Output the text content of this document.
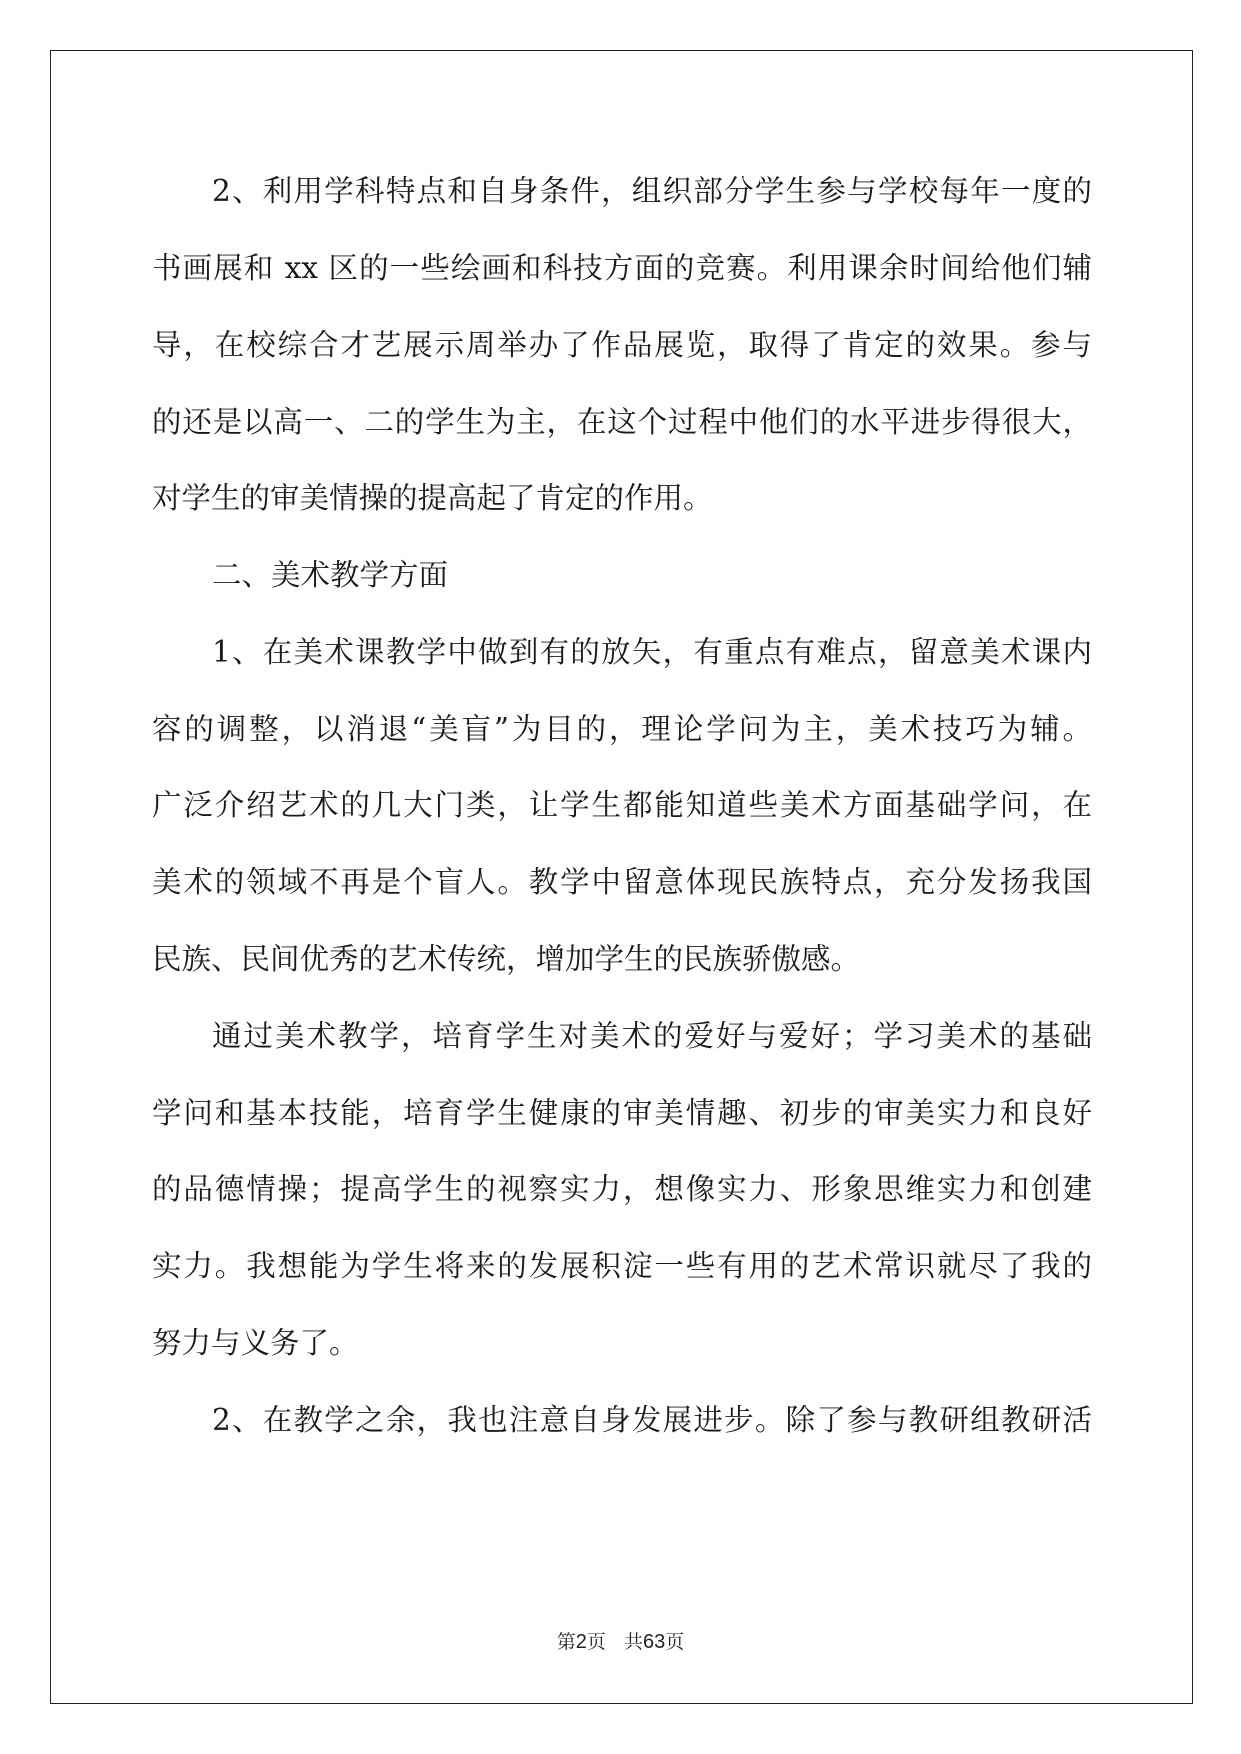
2、利用学科特点和自身条件，组织部分学生参与学校每年一度的
书画展和 xx 区的一些绘画和科技方面的竞赛。利用课余时间给他们辅
导，在校综合才艺展示周举办了作品展览，取得了肯定的效果。参与
的还是以高一、二的学生为主，在这个过程中他们的水平进步得很大，
对学生的审美情操的提高起了肯定的作用。
二、美术教学方面
1、在美术课教学中做到有的放矢，有重点有难点，留意美术课内
容的调整，以消退“美盲”为目的，理论学问为主，美术技巧为辅。
广泛介绍艺术的几大门类，让学生都能知道些美术方面基础学问，在
美术的领域不再是个盲人。教学中留意体现民族特点，充分发扬我国
民族、民间优秀的艺术传统，增加学生的民族骄傲感。
通过美术教学，培育学生对美术的爱好与爱好；学习美术的基础
学问和基本技能，培育学生健康的审美情趣、初步的审美实力和良好
的品德情操；提高学生的视察实力，想像实力、形象思维实力和创建
实力。我想能为学生将来的发展积淀一些有用的艺术常识就尽了我的
努力与义务了。
2、在教学之余，我也注意自身发展进步。除了参与教研组教研活
第2页 共63页
